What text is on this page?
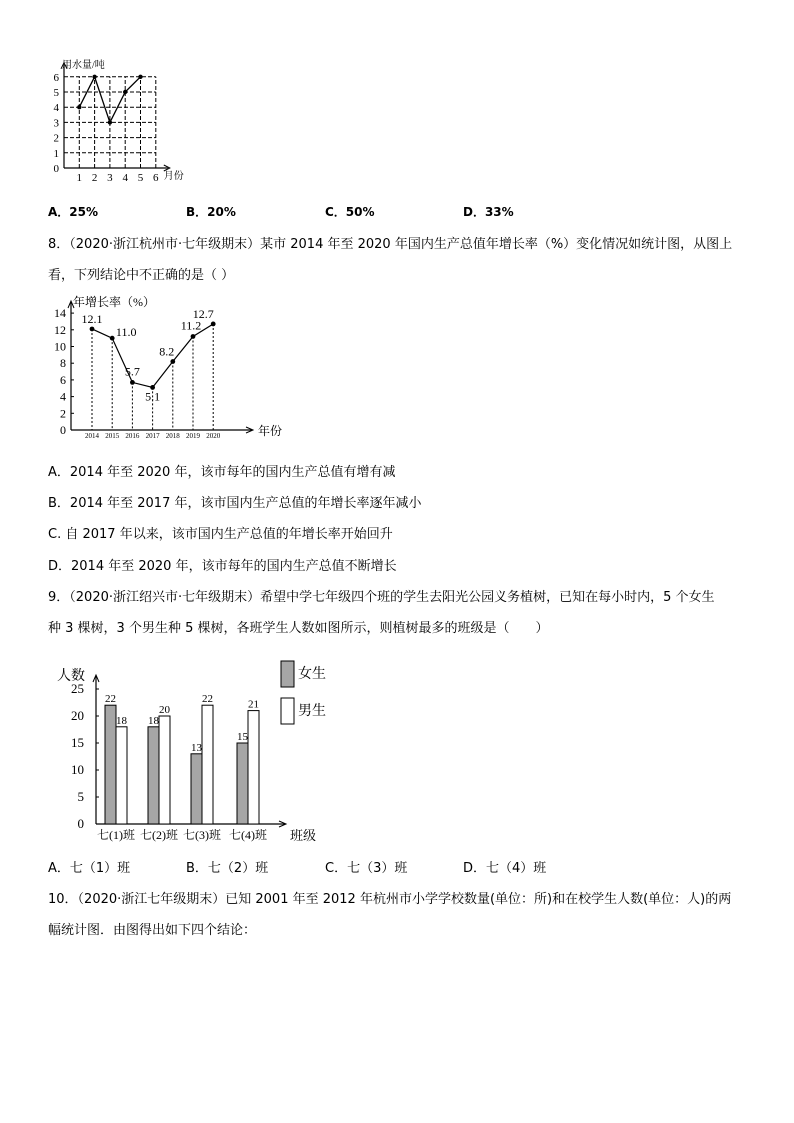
0
1
2
3
4
5
6
1 2 3 4 5 6
用水量/吨
月份
A．25%	B．20%	C．50%	D．33%
8．（2020·浙江杭州市·七年级期末）某市 2014 年至 2020 年国内生产总值年增长率（%）变化情况如统计图，从图上
看，下列结论中不正确的是（ ）
0
2
4
6
8
10
12
14
年增长率（%）
年份
2014 2015 2016 2017 2018 2019 2020
12.1
11.0
5.7
5.1
8.2
11.2
12.7
A．2014 年至 2020 年，该市每年的国内生产总值有增有减
B．2014 年至 2017 年，该市国内生产总值的年增长率逐年减小
C. 自 2017 年以来，该市国内生产总值的年增长率开始回升
D．2014 年至 2020 年，该市每年的国内生产总值不断增长
9．（2020·浙江绍兴市·七年级期末）希望中学七年级四个班的学生去阳光公园义务植树，已知在每小时内，5 个女生
种 3 棵树，3 个男生种 5 棵树，各班学生人数如图所示，则植树最多的班级是（　　）
0
5
10
15
20
25
人数
班级
22
18
七(1)班
18
20
七(2)班
13
22
七(3)班
15
21
七(4)班
女生
男生
A．七（1）班	B．七（2）班	C．七（3）班	D．七（4）班
10．（2020·浙江七年级期末）已知 2001 年至 2012 年杭州市小学学校数量(单位：所)和在校学生人数(单位：人)的两
幅统计图．由图得出如下四个结论：
